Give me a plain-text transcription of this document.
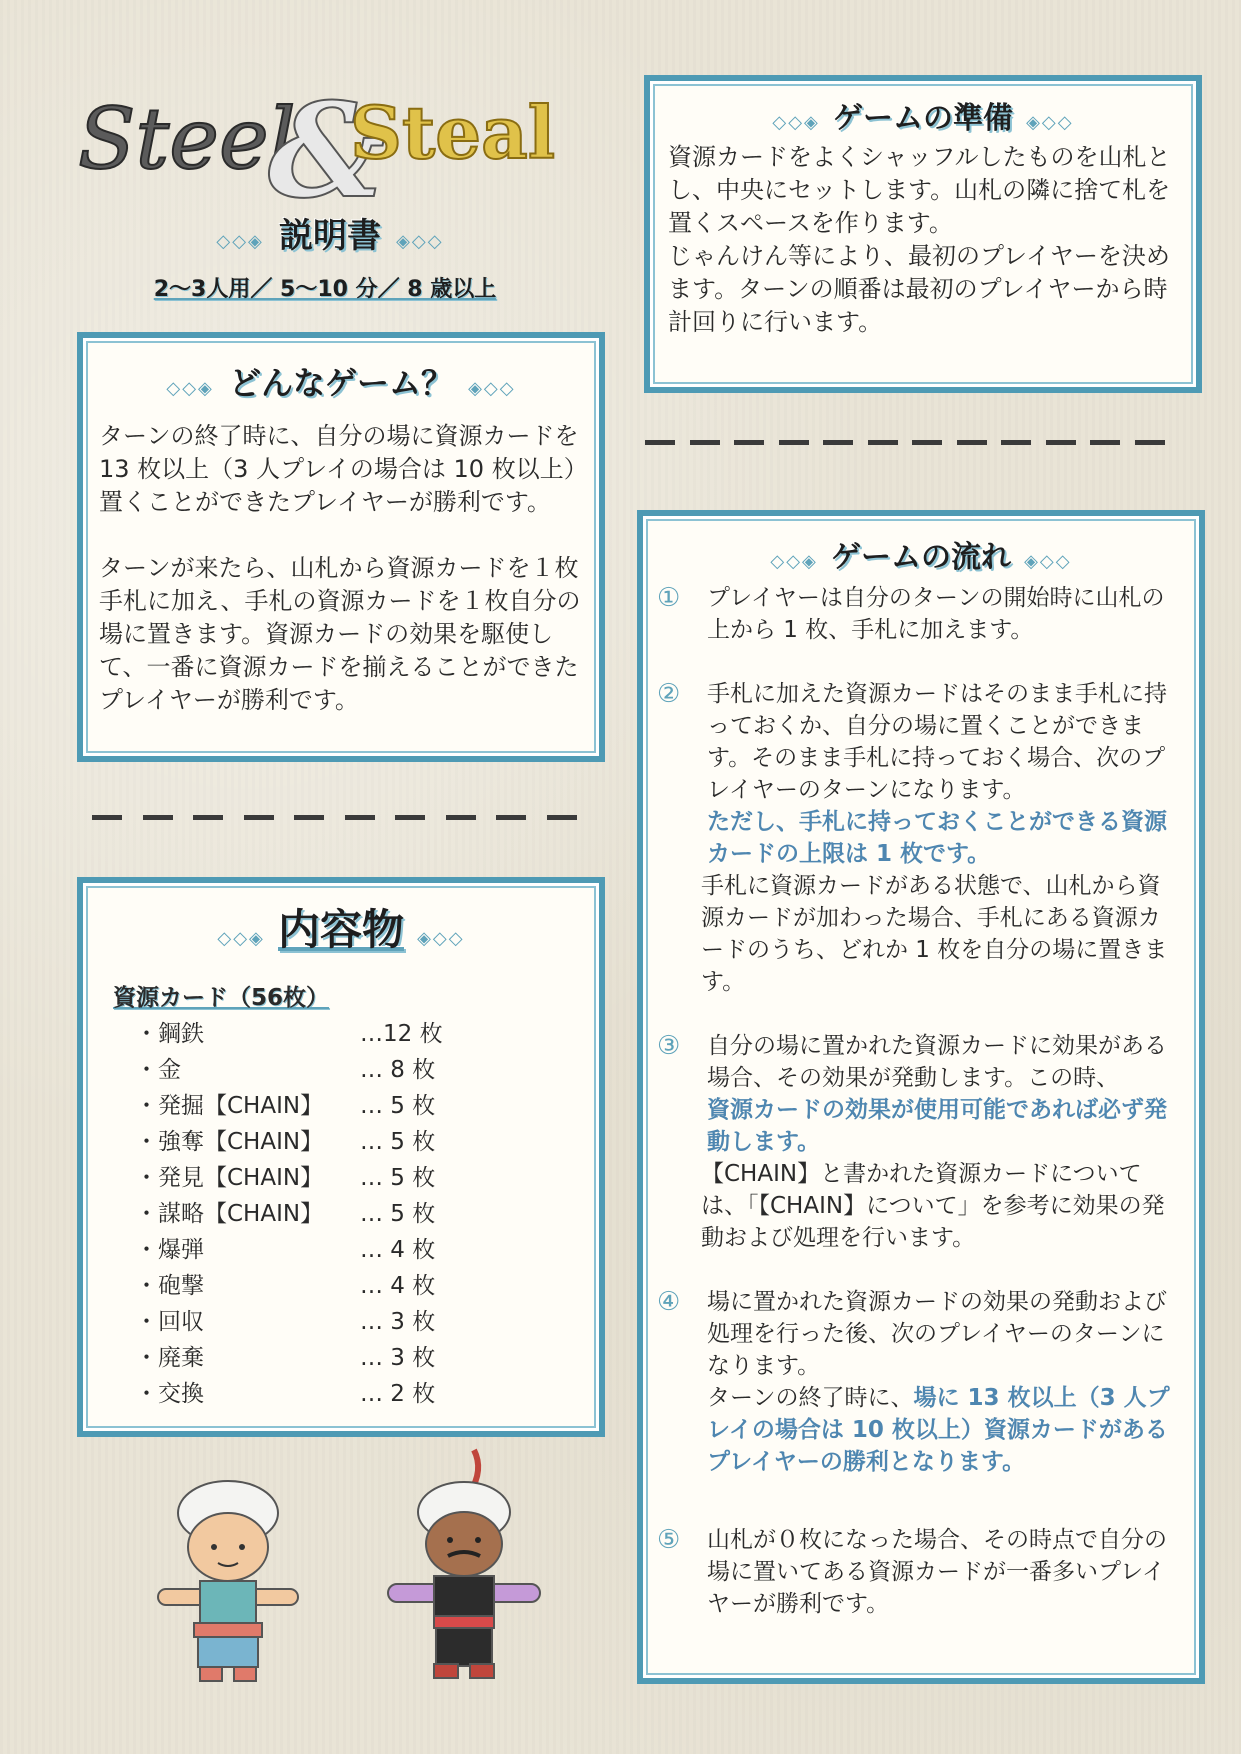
Steel
&
Steal
◇◇◈ 説明書 ◈◇◇
2～3人用／ 5～10 分／ 8 歳以上
◇◇◈ どんなゲーム？ ◈◇◇

ターンの終了時に、自分の場に資源カードを 13 枚以上（3 人プレイの場合は 10 枚以上）置くことができたプレイヤーが勝利です。

ターンが来たら、山札から資源カードを１枚手札に加え、手札の資源カードを１枚自分の場に置きます。資源カードの効果を駆使して、一番に資源カードを揃えることができたプレイヤーが勝利です。

◇◇◈ 内容物 ◈◇◇
資源カード（56枚）
・鋼鉄	…12 枚
・金	… 8 枚
・発掘【CHAIN】	… 5 枚
・強奪【CHAIN】	… 5 枚
・発見【CHAIN】	… 5 枚
・謀略【CHAIN】	… 5 枚
・爆弾	… 4 枚
・砲撃	… 4 枚
・回収	… 3 枚
・廃棄	… 3 枚
・交換	… 2 枚
◇◇◈ ゲームの準備 ◈◇◇

資源カードをよくシャッフルしたものを山札とし、中央にセットします。山札の隣に捨て札を置くスペースを作ります。

じゃんけん等により、最初のプレイヤーを決めます。ターンの順番は最初のプレイヤーから時計回りに行います。

◇◇◈ ゲームの流れ ◈◇◇
①	プレイヤーは自分のターンの開始時に山札の上から 1 枚、手札に加えます。
②	手札に加えた資源カードはそのまま手札に持っておくか、自分の場に置くことができます。そのまま手札に持っておく場合、次のプレイヤーのターンになります。
ただし、手札に持っておくことができる資源カードの上限は 1 枚です。
手札に資源カードがある状態で、山札から資源カードが加わった場合、手札にある資源カードのうち、どれか 1 枚を自分の場に置きます。
③	自分の場に置かれた資源カードに効果がある場合、その効果が発動します。この時、
資源カードの効果が使用可能であれば必ず発動します。
【CHAIN】と書かれた資源カードについては、「【CHAIN】について」を参考に効果の発動および処理を行います。
④	場に置かれた資源カードの効果の発動および処理を行った後、次のプレイヤーのターンになります。
ターンの終了時に、場に 13 枚以上（3 人プレイの場合は 10 枚以上）資源カードがあるプレイヤーの勝利となります。
⑤	山札が０枚になった場合、その時点で自分の場に置いてある資源カードが一番多いプレイヤーが勝利です。
